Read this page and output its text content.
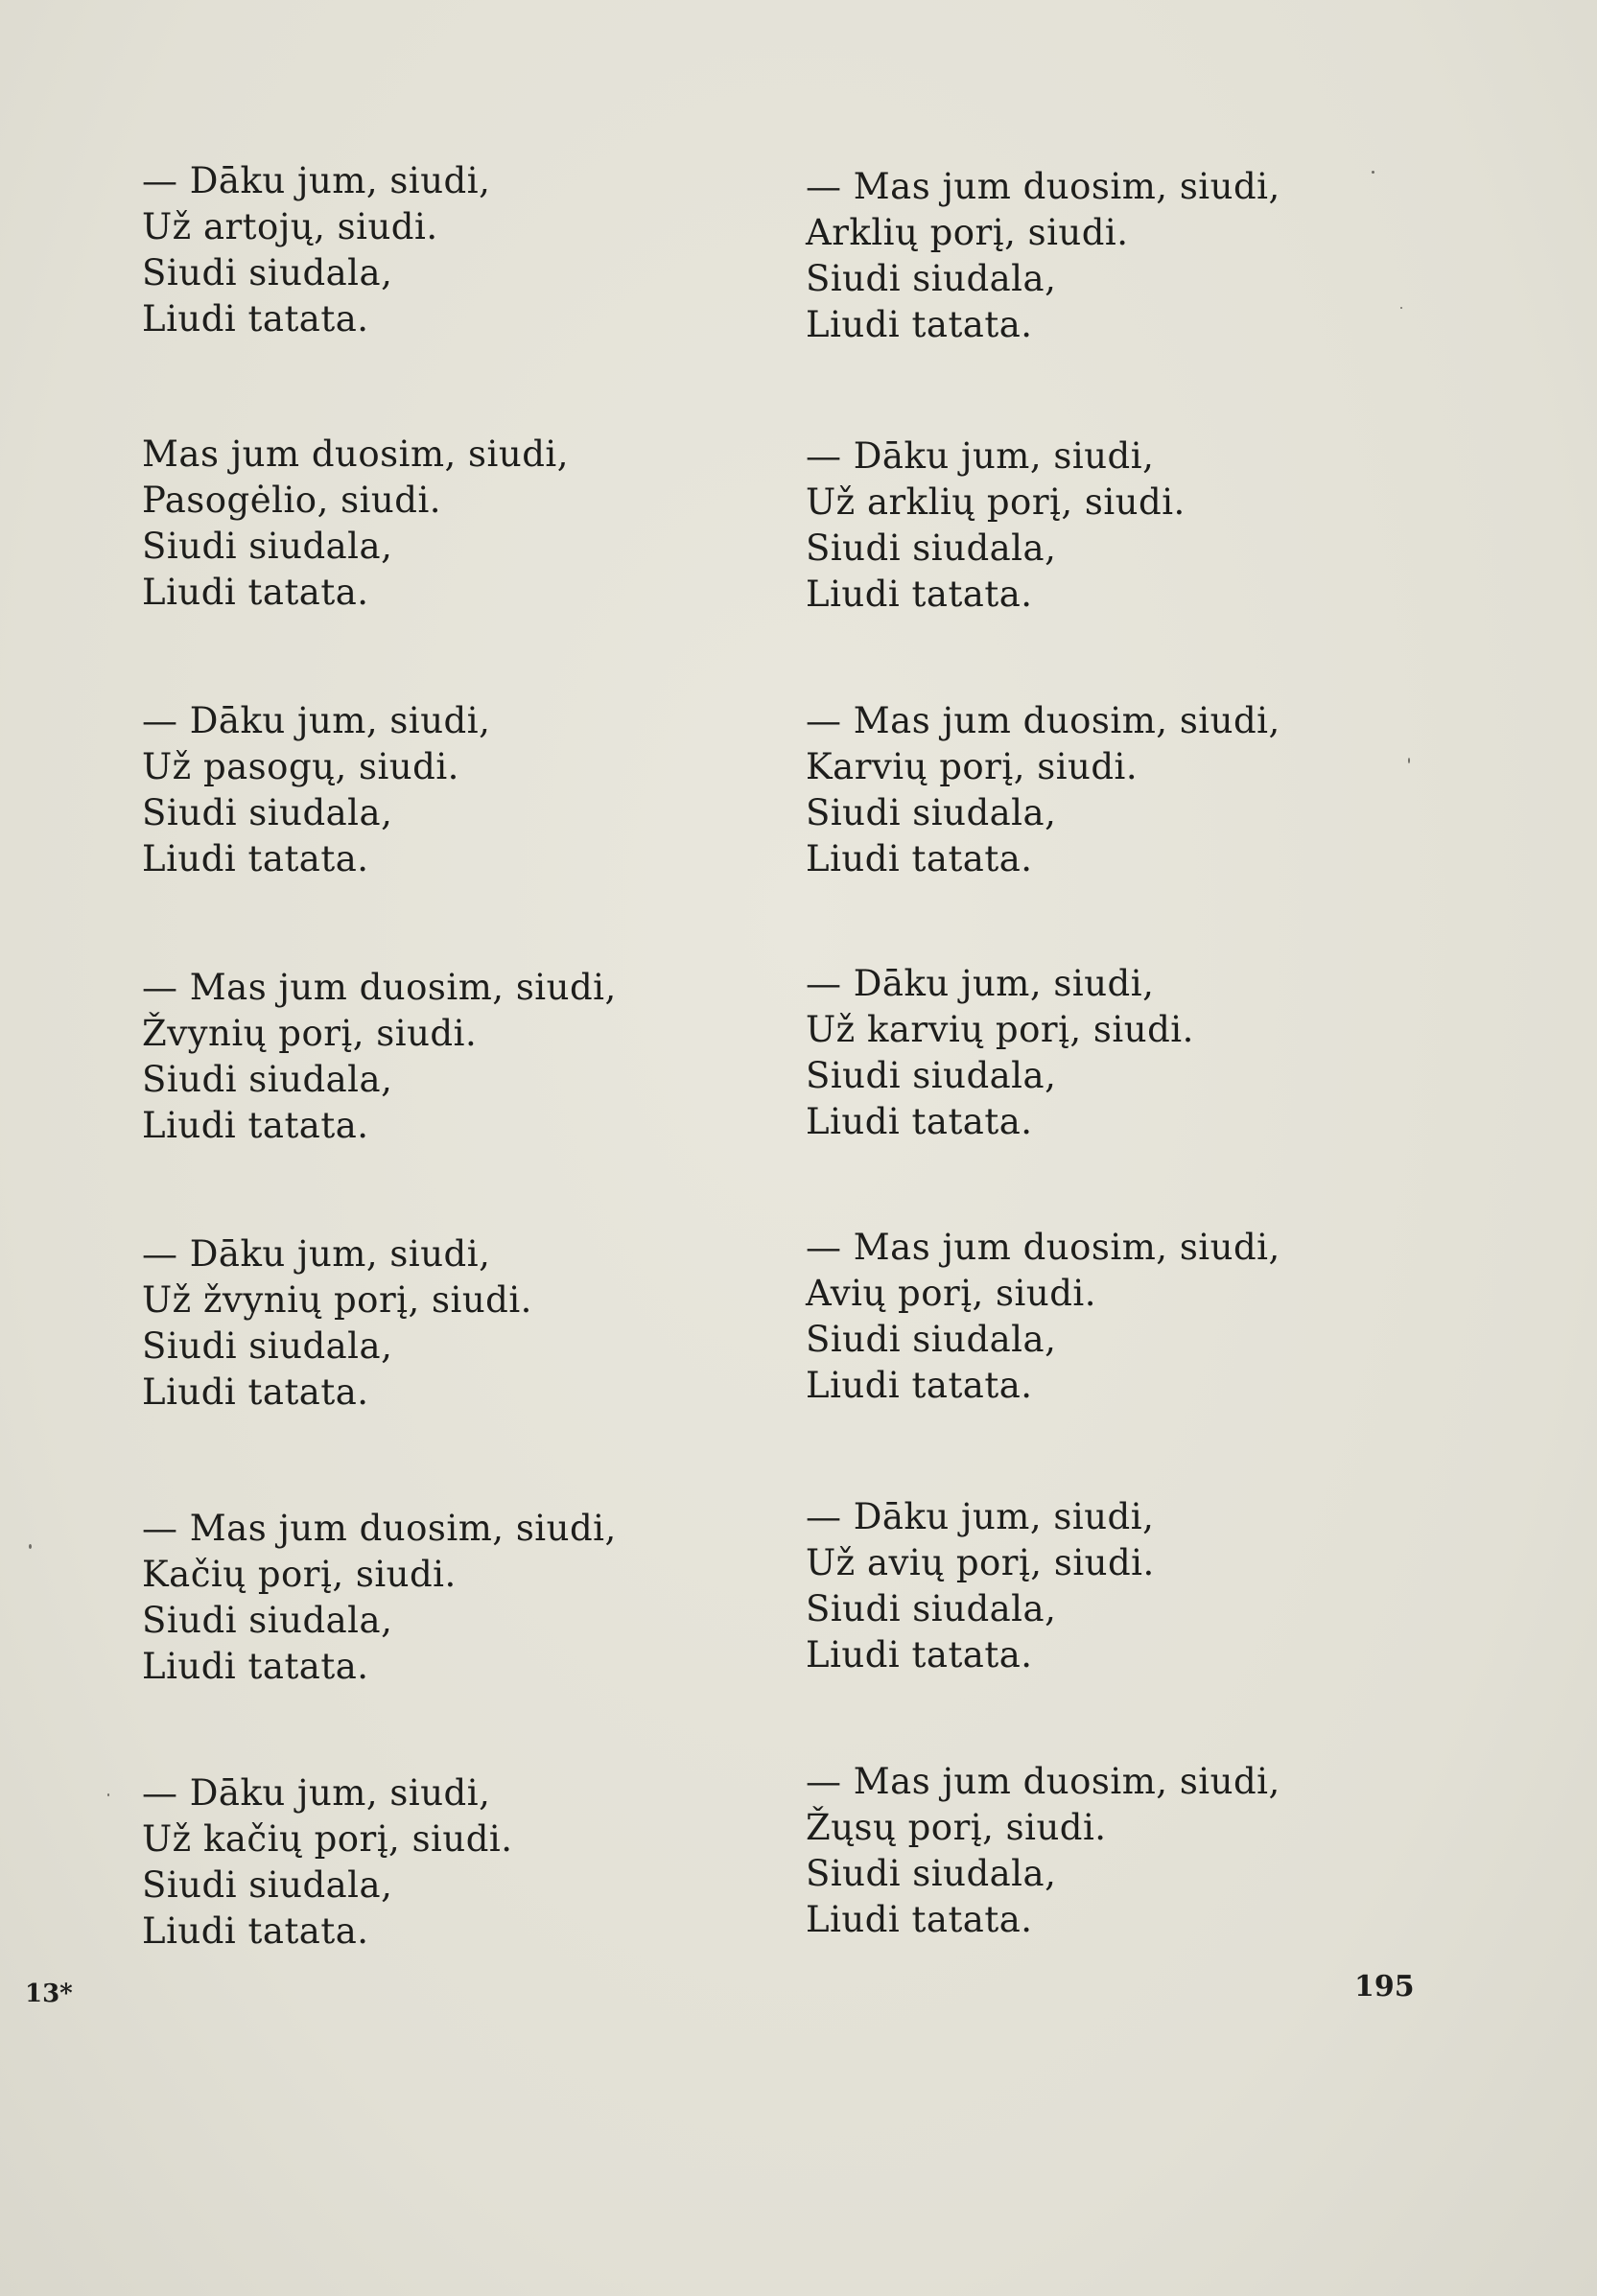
— Dāku jum, siudi,
Už artojų, siudi.
Siudi siudala,
Liudi tatata.
Mas jum duosim, siudi,
Pasogėlio, siudi.
Siudi siudala,
Liudi tatata.
— Dāku jum, siudi,
Už pasogų, siudi.
Siudi siudala,
Liudi tatata.
— Mas jum duosim, siudi,
Žvynių porį, siudi.
Siudi siudala,
Liudi tatata.
— Dāku jum, siudi,
Už žvynių porį, siudi.
Siudi siudala,
Liudi tatata.
— Mas jum duosim, siudi,
Kačių porį, siudi.
Siudi siudala,
Liudi tatata.
— Dāku jum, siudi,
Už kačių porį, siudi.
Siudi siudala,
Liudi tatata.
— Mas jum duosim, siudi,
Arklių porį, siudi.
Siudi siudala,
Liudi tatata.
— Dāku jum, siudi,
Už arklių porį, siudi.
Siudi siudala,
Liudi tatata.
— Mas jum duosim, siudi,
Karvių porį, siudi.
Siudi siudala,
Liudi tatata.
— Dāku jum, siudi,
Už karvių porį, siudi.
Siudi siudala,
Liudi tatata.
— Mas jum duosim, siudi,
Avių porį, siudi.
Siudi siudala,
Liudi tatata.
— Dāku jum, siudi,
Už avių porį, siudi.
Siudi siudala,
Liudi tatata.
— Mas jum duosim, siudi,
Žųsų porį, siudi.
Siudi siudala,
Liudi tatata.
13*	195
